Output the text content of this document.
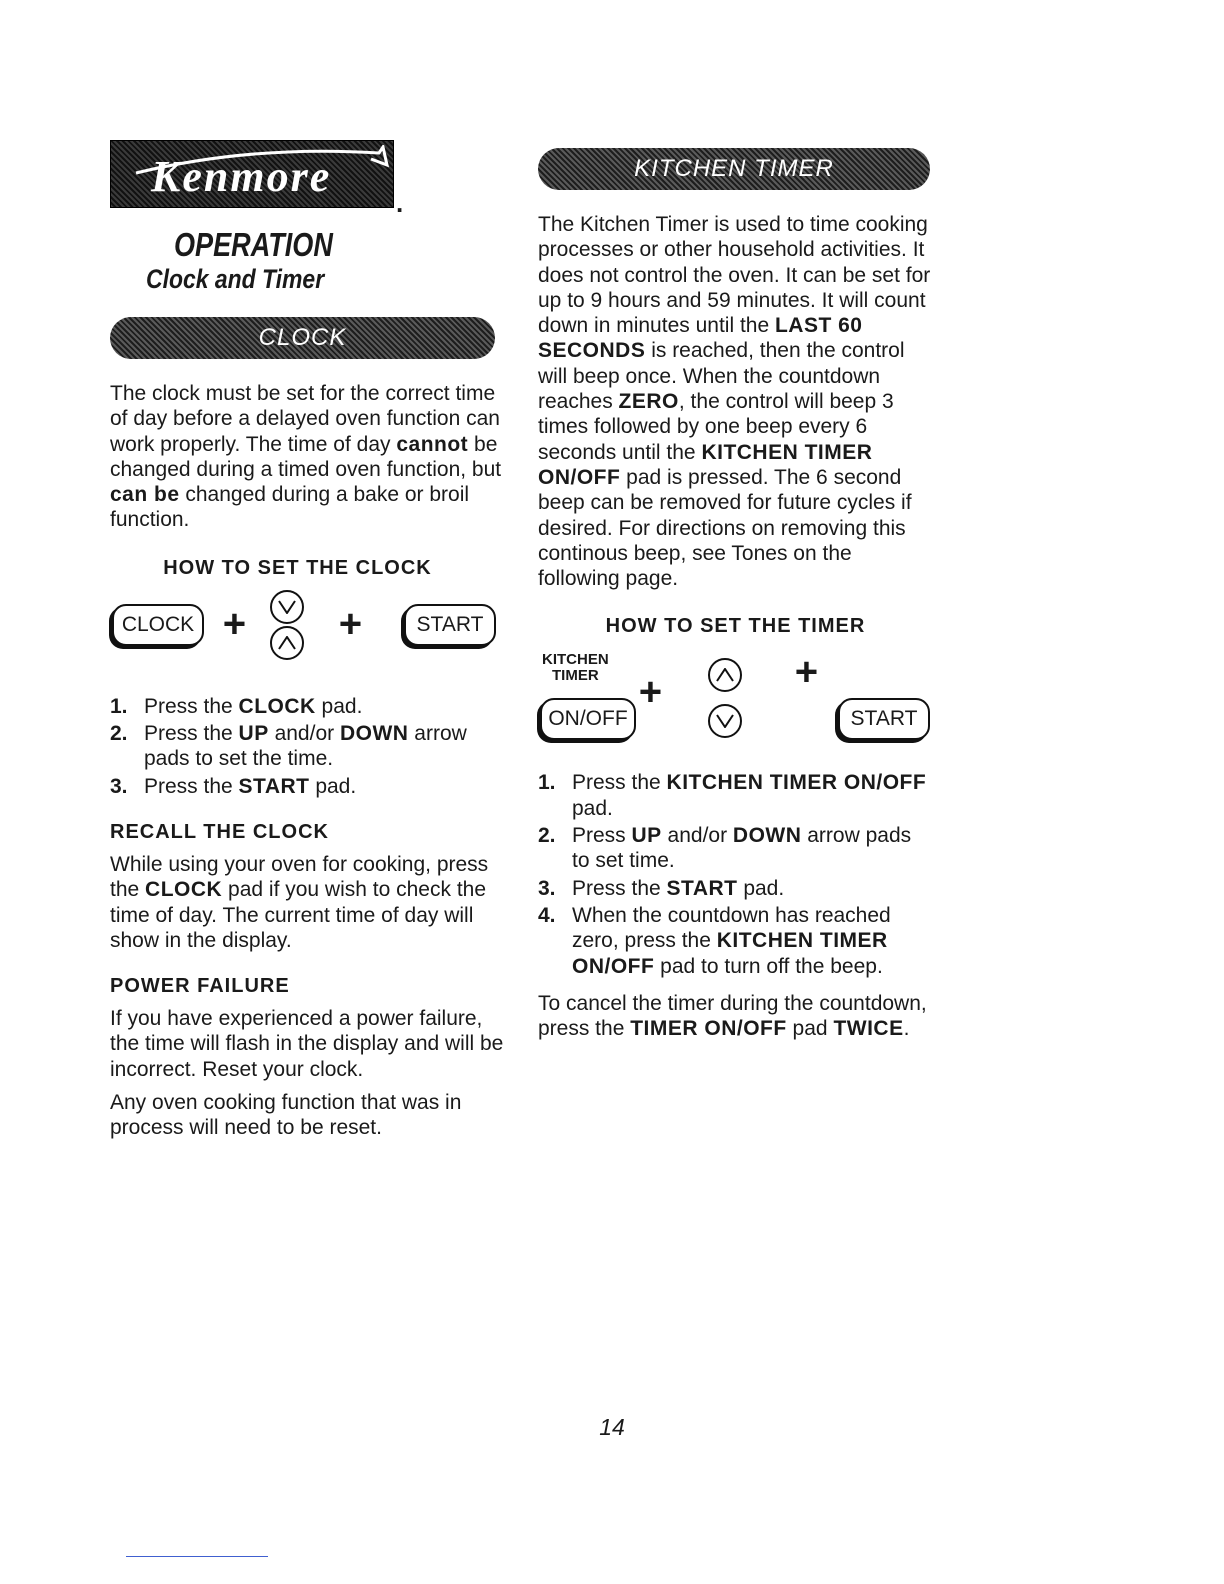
Kenmore
.
OPERATION
Clock and Timer
CLOCK

The clock must be set for the correct time of day before a delayed oven function can work properly. The time of day cannot be changed during a timed oven function, but can be changed during a bake or broil function.

HOW TO SET THE CLOCK
CLOCK + +	START
1. Press the CLOCK pad.
2. Press the UP and/or DOWN arrow pads to set the time.
3. Press the START pad.
RECALL THE CLOCK

While using your oven for cooking, press the CLOCK pad if you wish to check the time of day. The current time of day will show in the display.

POWER FAILURE

If you have experienced a power failure, the time will flash in the display and will be incorrect. Reset your clock.

Any oven cooking function that was in process will need to be reset.

KITCHEN TIMER

The Kitchen Timer is used to time cooking processes or other household activities. It does not control the oven. It can be set for up to 9 hours and 59 minutes. It will count down in minutes until the LAST 60 SECONDS is reached, then the control will beep once. When the countdown reaches ZERO, the control will beep 3 times followed by one beep every 6 seconds until the KITCHEN TIMER ON/OFF pad is pressed. The 6 second beep can be removed for future cycles if desired. For directions on removing this continous beep, see Tones on the following page.

HOW TO SET THE TIMER
KITCHEN
TIMER
ON/OFF
+	+
START
1. Press the KITCHEN TIMER ON/OFF pad.
2. Press UP and/or DOWN arrow pads to set time.
3. Press the START pad.
4. When the countdown has reached zero, press the KITCHEN TIMER ON/OFF pad to turn off the beep.

To cancel the timer during the countdown, press the TIMER ON/OFF pad TWICE.

14
